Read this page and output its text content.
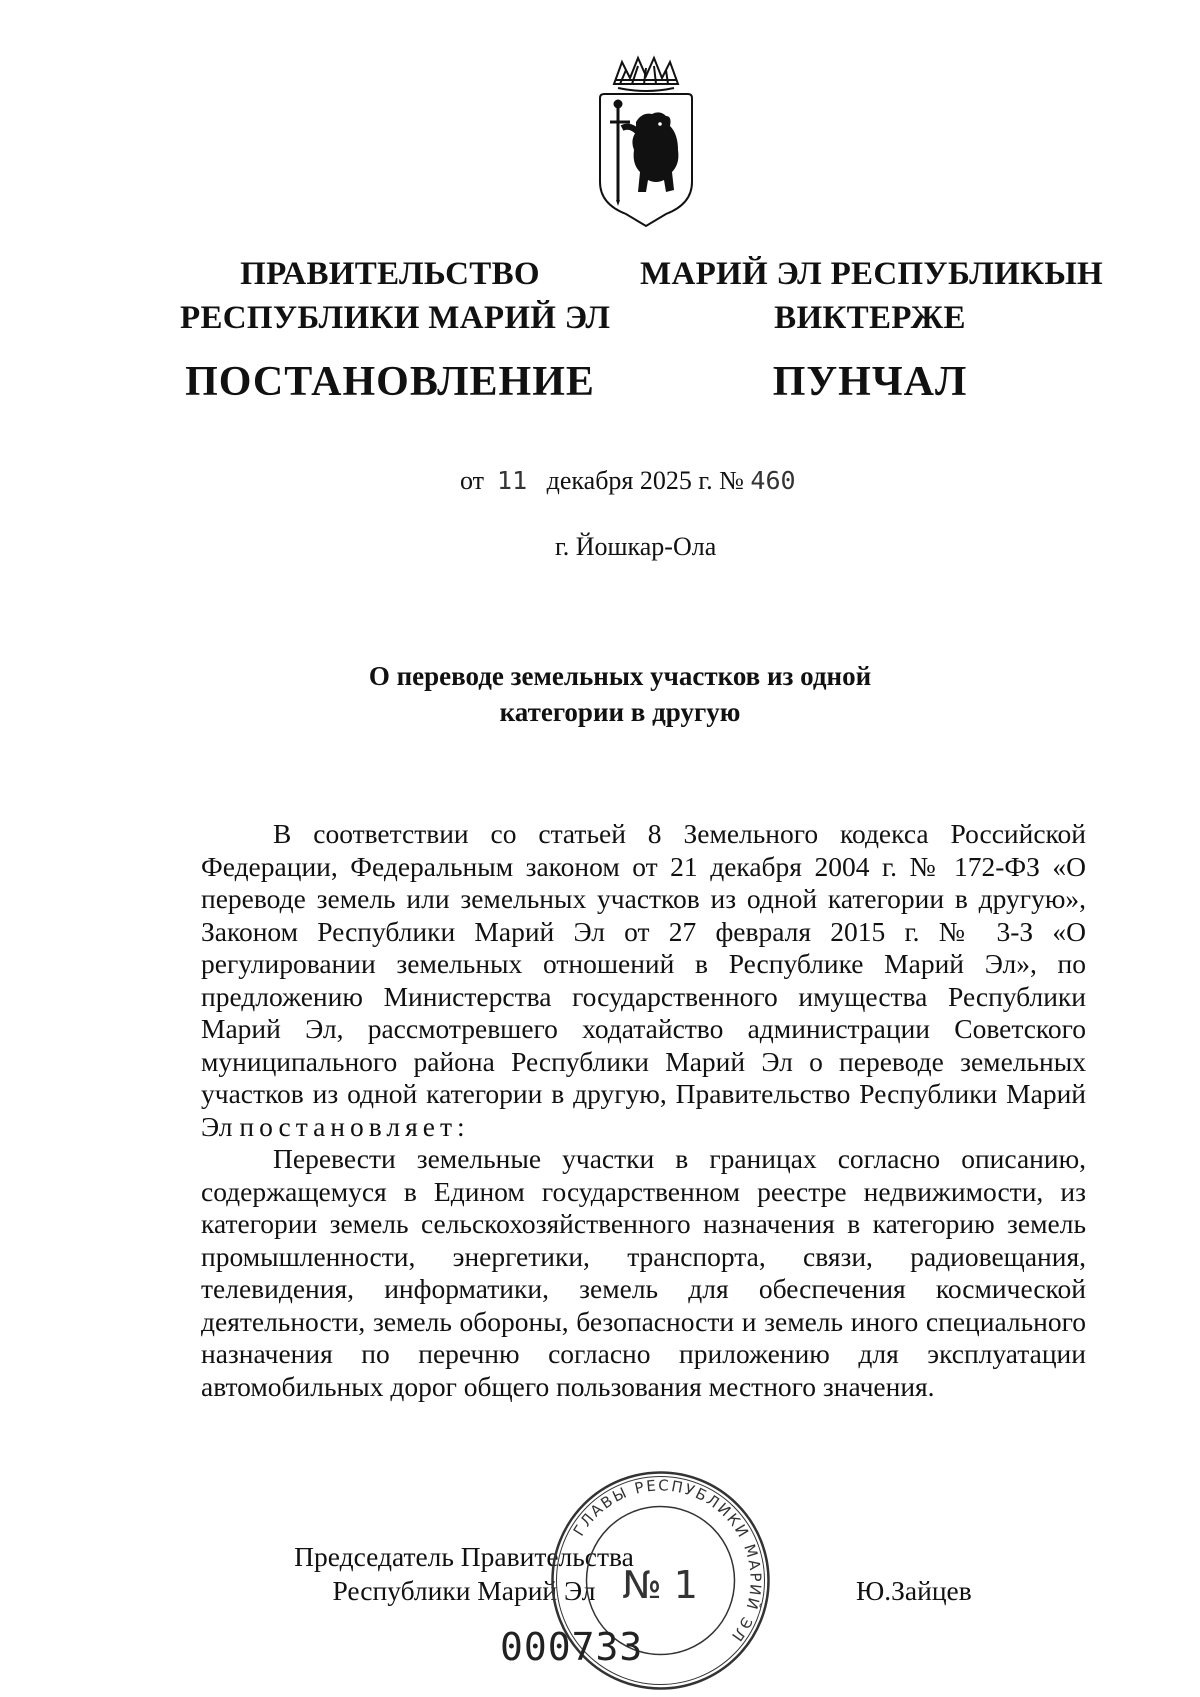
ПРАВИТЕЛЬСТВО
РЕСПУБЛИКИ МАРИЙ ЭЛ
ПОСТАНОВЛЕНИЕ
МАРИЙ ЭЛ РЕСПУБЛИКЫН
ВИКТЕРЖЕ
ПУНЧАЛ
от 11 декабря 2025 г. № 460
г. Йошкар-Ола
О переводе земельных участков из одной
категории в другую

В соответствии со статьей 8 Земельного кодекса Российской Федерации, Федеральным законом от 21 декабря 2004 г. № 172-ФЗ «О переводе земель или земельных участков из одной категории в другую», Законом Республики Марий Эл от 27 февраля 2015 г. № 3-З «О регулировании земельных отношений в Республике Марий Эл», по предложению Министерства государственного имущества Республики Марий Эл, рассмотревшего ходатайство администрации Советского муниципального района Республики Марий Эл о переводе земельных участков из одной категории в другую, Правительство Республики Марий Эл постановляет:

Перевести земельные участки в границах согласно описанию, содержащемуся в Едином государственном реестре недвижимости, из категории земель сельскохозяйственного назначения в категорию земель промышленности, энергетики, транспорта, связи, радиовещания, телевидения, информатики, земель для обеспечения космической деятельности, земель обороны, безопасности и земель иного специального назначения по перечню согласно приложению для эксплуатации автомобильных дорог общего пользования местного значения.

Председатель Правительства
Республики Марий Эл	Ю.Зайцев
ГЛАВЫ РЕСПУБЛИКИ МАРИЙ ЭЛ
№ 1
000733
